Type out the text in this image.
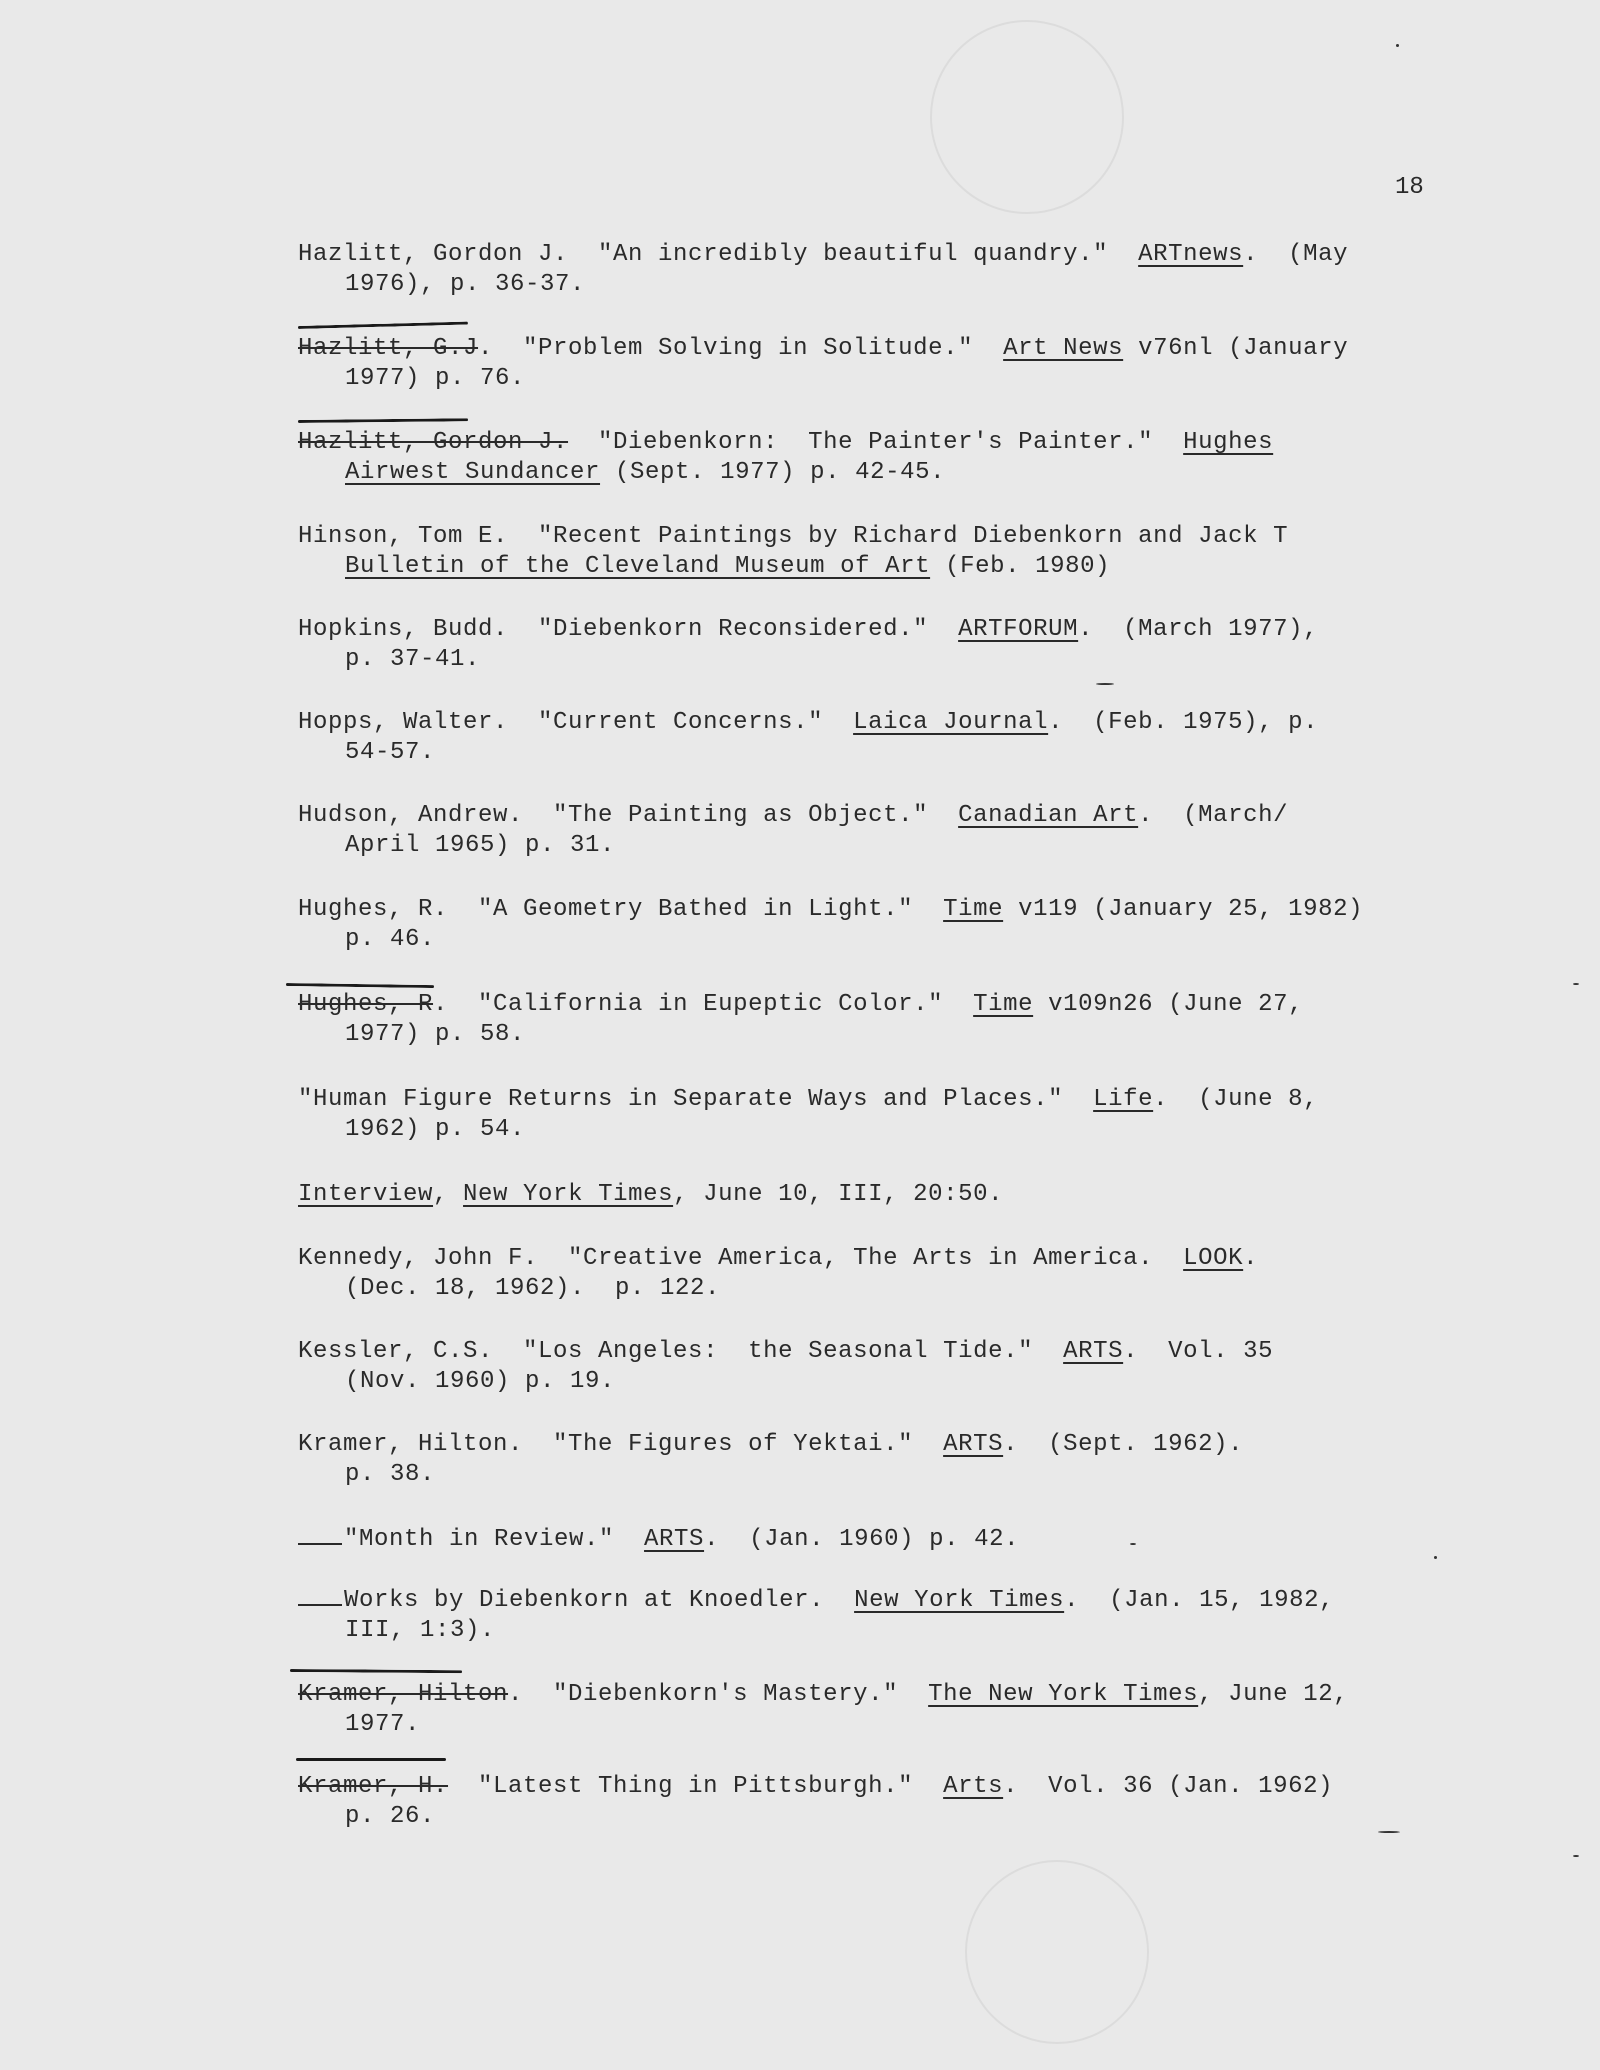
18
Hazlitt, Gordon J.  "An incredibly beautiful quandry."  ARTnews.  (May
1976), p. 36-37.
Hazlitt, G.J.  "Problem Solving in Solitude."  Art News v76nl (January
1977) p. 76.
Hazlitt, Gordon J.  "Diebenkorn:  The Painter's Painter."  Hughes
Airwest Sundancer (Sept. 1977) p. 42-45.
Hinson, Tom E.  "Recent Paintings by Richard Diebenkorn and Jack T
Bulletin of the Cleveland Museum of Art (Feb. 1980)
Hopkins, Budd.  "Diebenkorn Reconsidered."  ARTFORUM.  (March 1977),
p. 37-41.
Hopps, Walter.  "Current Concerns."  Laica Journal.  (Feb. 1975), p.
54-57.
Hudson, Andrew.  "The Painting as Object."  Canadian Art.  (March/
April 1965) p. 31.
Hughes, R.  "A Geometry Bathed in Light."  Time v119 (January 25, 1982)
p. 46.
Hughes, R.  "California in Eupeptic Color."  Time v109n26 (June 27,
1977) p. 58.
"Human Figure Returns in Separate Ways and Places."  Life.  (June 8,
1962) p. 54.
Interview, New York Times, June 10, III, 20:50.
Kennedy, John F.  "Creative America, The Arts in America.  LOOK.
(Dec. 18, 1962).  p. 122.
Kessler, C.S.  "Los Angeles:  the Seasonal Tide."  ARTS.  Vol. 35
(Nov. 1960) p. 19.
Kramer, Hilton.  "The Figures of Yektai."  ARTS.  (Sept. 1962).
p. 38.
"Month in Review."  ARTS.  (Jan. 1960) p. 42.
Works by Diebenkorn at Knoedler.  New York Times.  (Jan. 15, 1982,
III, 1:3).
Kramer, Hilton.  "Diebenkorn's Mastery."  The New York Times, June 12,
1977.
Kramer, H.  "Latest Thing in Pittsburgh."  Arts.  Vol. 36 (Jan. 1962)
p. 26.
